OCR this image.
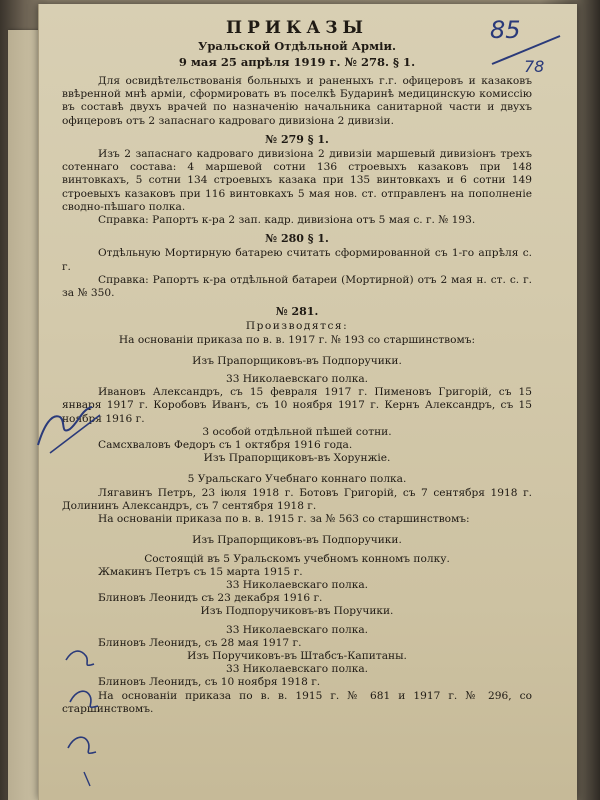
85
78
ПРИКАЗЫ
Уральской Отдѣльной Арміи.
9 мая 25 апрѣля 1919 г. № 278. § 1.

Для освидѣтельствованія больныхъ и раненыхъ г.г. офицеровъ и казаковъ ввѣренной мнѣ арміи, сформировать въ поселкѣ Бударинѣ медицинскую комиссію въ составѣ двухъ врачей по назначенію начальника санитарной части и двухъ офицеровъ отъ 2 запаснаго кадроваго дивизіона 2 дивизіи.

№ 279 § 1.

Изъ 2 запаснаго кадроваго дивизіона 2 дивизіи маршевый дивизіонъ трехъ сотеннаго состава: 4 маршевой сотни 136 строевыхъ казаковъ при 148 винтовкахъ, 5 сотни 134 строевыхъ казака при 135 винтовкахъ и 6 сотни 149 строевыхъ казаковъ при 116 винтовкахъ 5 мая нов. ст. отправленъ на пополненіе сводно-пѣшаго полка.

Справка: Рапортъ к-ра 2 зап. кадр. дивизіона отъ 5 мая с. г. № 193.

№ 280 § 1.

Отдѣльную Мортирную батарею считать сформированной съ 1-го апрѣля с. г.

Справка: Рапортъ к-ра отдѣльной батареи (Мортирной) отъ 2 мая н. ст. с. г. за № 350.

№ 281.
Производятся:

На основаніи приказа по в. в. 1917 г. № 193 со старшинствомъ:

Изъ Прапорщиковъ-въ Подпоручики.
33 Николаевскаго полка.

Ивановъ Александръ, съ 15 февраля 1917 г. Пименовъ Григорій, съ 15 января 1917 г. Коробовъ Иванъ, съ 10 ноября 1917 г. Кернъ Александръ, съ 15 ноября 1916 г.

3 особой отдѣльной пѣшей сотни.

Самсхваловъ Федоръ съ 1 октября 1916 года.

Изъ Прапорщиковъ-въ Хорунжіе.
5 Уральскаго Учебнаго коннаго полка.

Лягавинъ Петръ, 23 іюля 1918 г. Ботовъ Григорій, съ 7 сентября 1918 г. Долининъ Александръ, съ 7 сентября 1918 г.

На основаніи приказа по в. в. 1915 г. за № 563 со старшинствомъ:

Изъ Прапорщиковъ-въ Подпоручики.
Состоящій въ 5 Уральскомъ учебномъ конномъ полку.

Жмакинъ Петръ съ 15 марта 1915 г.

33 Николаевскаго полка.

Блиновъ Леонидъ съ 23 декабря 1916 г.

Изъ Подпоручиковъ-въ Поручики.
33 Николаевскаго полка.

Блиновъ Леонидъ, съ 28 мая 1917 г.

Изъ Поручиковъ-въ Штабсъ-Капитаны.
33 Николаевскаго полка.

Блиновъ Леонидъ, съ 10 ноября 1918 г.

На основаніи приказа по в. в. 1915 г. № 681 и 1917 г. № 296, со старшинствомъ.
